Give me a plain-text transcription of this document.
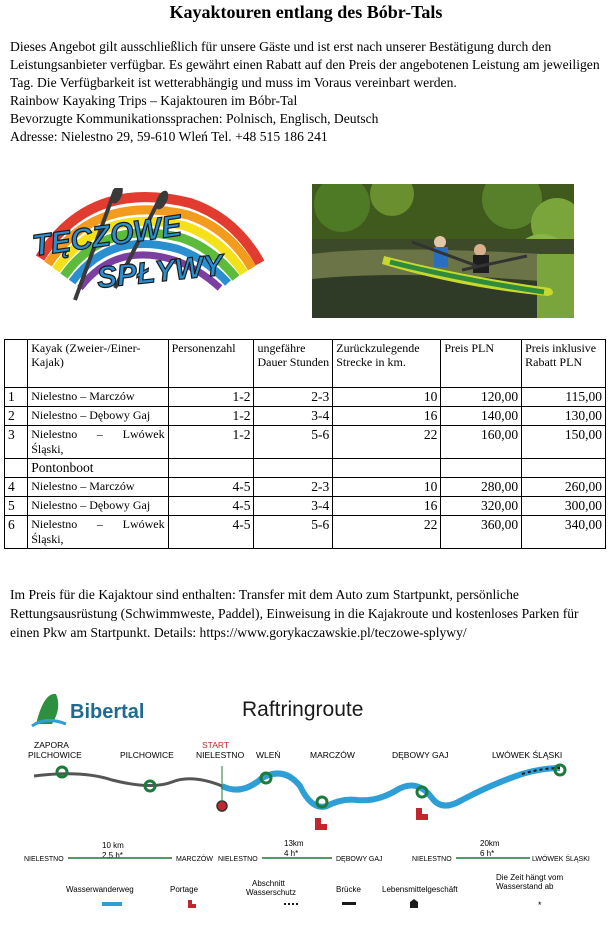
Kayaktouren entlang des Bóbr-Tals
Dieses Angebot gilt ausschließlich für unsere Gäste und ist erst nach unserer Bestätigung durch den Leistungsanbieter verfügbar. Es gewährt einen Rabatt auf den Preis der angebotenen Leistung am jeweiligen Tag. Die Verfügbarkeit ist wetterabhängig und muss im Voraus vereinbart werden.
Rainbow Kayaking Trips – Kajaktouren im Bóbr-Tal
Bevorzugte Kommunikationssprachen: Polnisch, Englisch, Deutsch
Adresse: Nielestno 29, 59-610 Wleń Tel. +48 515 186 241
TĘCZOWE
SPŁYWY
	Kayak (Zweier-/Einer-Kajak)	Personenzahl	ungefähre Dauer Stunden	Zurückzulegende Strecke in km.	Preis PLN	Preis inklusive Rabatt PLN
1	Nielestno – Marczów	1-2	2-3	10	120,00	115,00
2	Nielestno – Dębowy Gaj	1-2	3-4	16	140,00	130,00
3	Nielestno – Lwówek Śląski,	1-2	5-6	22	160,00	150,00
	Pontonboot					
4	Nielestno – Marczów	4-5	2-3	10	280,00	260,00
5	Nielestno – Dębowy Gaj	4-5	3-4	16	320,00	300,00
6	Nielestno – Lwówek Śląski,	4-5	5-6	22	360,00	340,00
Im Preis für die Kajaktour sind enthalten: Transfer mit dem Auto zum Startpunkt, persönliche Rettungsausrüstung (Schwimmweste, Paddel), Einweisung in die Kajakroute und kostenloses Parken für einen Pkw am Startpunkt. Details: https://www.gorykaczawskie.pl/teczowe-splywy/
Bibertal	Raftringroute
ZAPORA
PILCHOWICE	PILCHOWICE
START
NIELESTNO WLEŃ	MARCZÓW	DĘBOWY GAJ	LWÓWEK ŚLĄSKI
10 km
2,5 h*
NIELESTNO	MARCZÓW
13km
4 h*
NIELESTNO	DĘBOWY GAJ
20km
6 h*
NIELESTNO	LWÓWEK ŚLĄSKI
Wasserwanderweg	Portage
Abschnitt
Wasserschutz	Brücke	Lebensmittelgeschäft
Die Zeit hängt vom
Wasserstand ab
*
